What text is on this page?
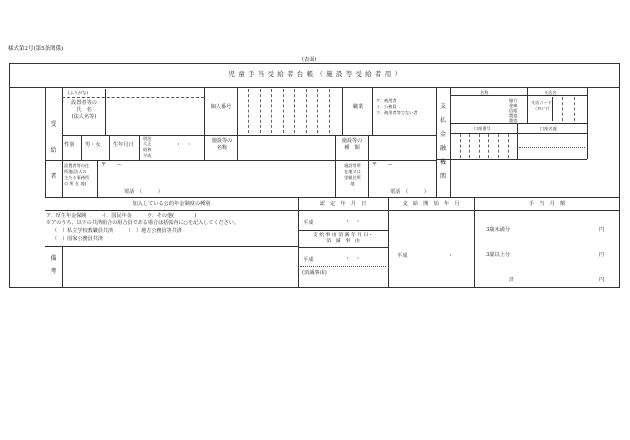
様式第2号(第5条関係)
(表面)
児 童 手 当 受 給 者 台 帳 （ 施 設 等 受 給 者 用 ）
受　給　者
(ふりがな)
設置者等の
氏　名
(法人名等)
個人番号	職業
ア．被用者
イ．公務員
ウ．被用者等でない者
支払金融機関
名称	支店名
銀行
金庫
信組
農協
漁協
支店コード
（ｽｹｼﾞｱ）
口座番号	口座名義
性別 男・女 生年月日
明治
大正
昭和
平成
・　・
施設等の
名称
施設等の
種　類
設置者等の住
所地(法人の
主たる事務所
の 所 在 地)
〒　　ー
電話　（　　　）
施設等所
在地又は
里親住所
地
〒　　ー
電話　（　　　）
加入している公的年金制度の種別	認　定　年　月　日	支　給　開　始　年　月	手　当　月　額
ア．厚生年金保険　　　イ．国民年金　　　ウ．その他(　　　　)
※アのうち、以下の共済組合の組合員である場合は括弧内に○を記入してください。
（　）私立学校教職員共済　　　（　）地方公務員等共済
（　）国家公務員共済
備　考
平成	・　・
支 給 事 由 消 滅 年 月 日・
消　滅　事　由
平成	・　・
(消滅事由)
平成	・
3歳未満分	円
3歳以上分	円
計	円
